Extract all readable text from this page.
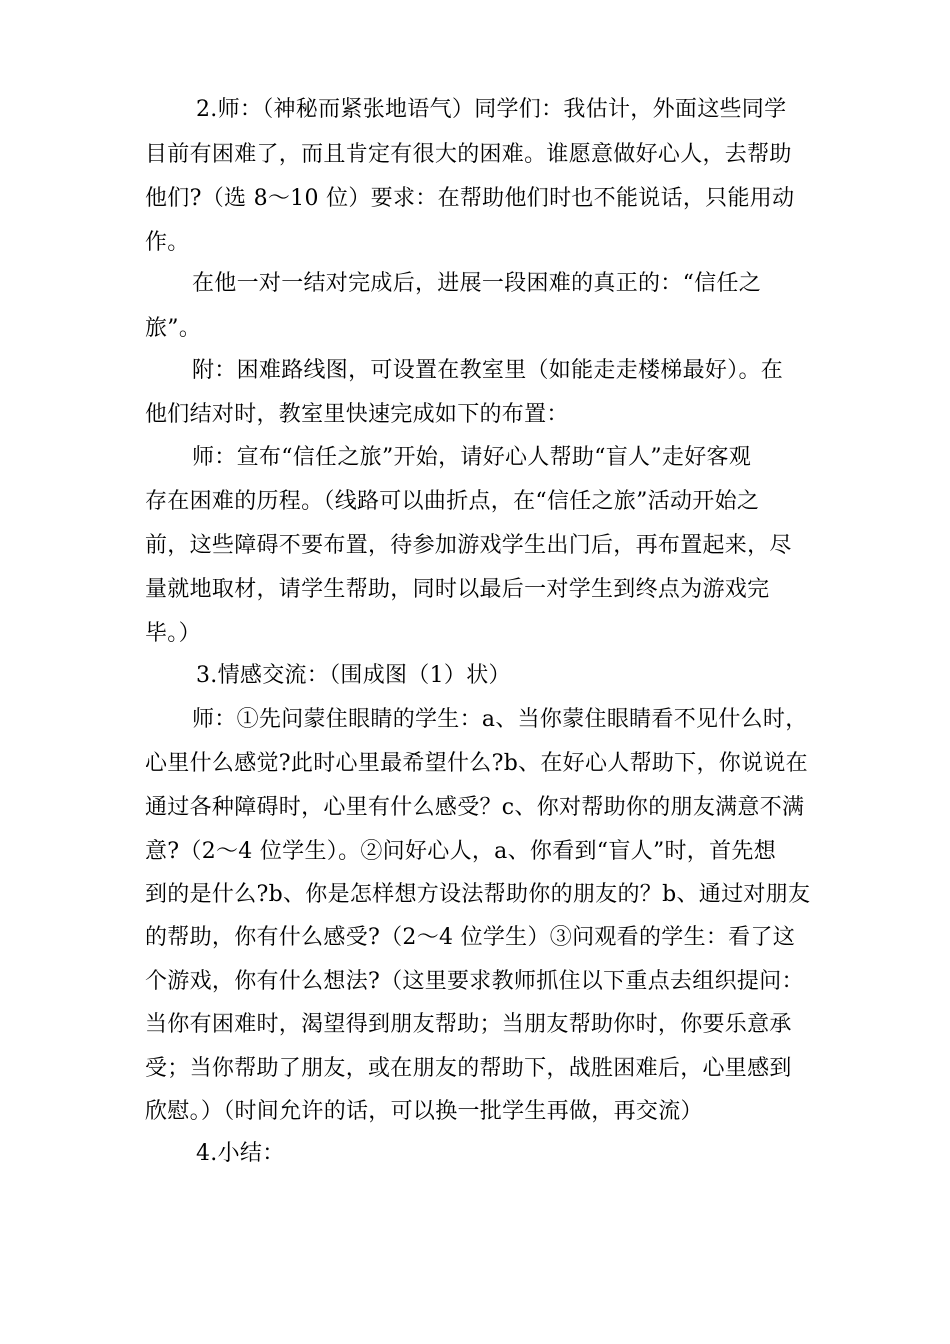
2.师：（神秘而紧张地语气）同学们：我估计，外面这些同学

目前有困难了，而且肯定有很大的困难。谁愿意做好心人，去帮助

他们?（选 8～10 位）要求：在帮助他们时也不能说话，只能用动

作。

在他一对一结对完成后，进展一段困难的真正的：“信任之

旅”。

附：困难路线图，可设置在教室里（如能走走楼梯最好）。在

他们结对时，教室里快速完成如下的布置：

师：宣布“信任之旅”开始，请好心人帮助“盲人”走好客观

存在困难的历程。（线路可以曲折点，在“信任之旅”活动开始之

前，这些障碍不要布置，待参加游戏学生出门后，再布置起来，尽

量就地取材，请学生帮助，同时以最后一对学生到终点为游戏完

毕。）

3.情感交流：（围成图（1）状）

师：①先问蒙住眼睛的学生：a、当你蒙住眼睛看不见什么时，

心里什么感觉?此时心里最希望什么?b、在好心人帮助下，你说说在

通过各种障碍时，心里有什么感受？c、你对帮助你的朋友满意不满

意?（2～4 位学生）。②问好心人，a、你看到“盲人”时，首先想

到的是什么?b、你是怎样想方设法帮助你的朋友的？b、通过对朋友

的帮助，你有什么感受?（2～4 位学生）③问观看的学生：看了这

个游戏，你有什么想法?（这里要求教师抓住以下重点去组织提问：

当你有困难时，渴望得到朋友帮助；当朋友帮助你时，你要乐意承

受；当你帮助了朋友，或在朋友的帮助下，战胜困难后，心里感到

欣慰。）（时间允许的话，可以换一批学生再做，再交流）

4.小结：
